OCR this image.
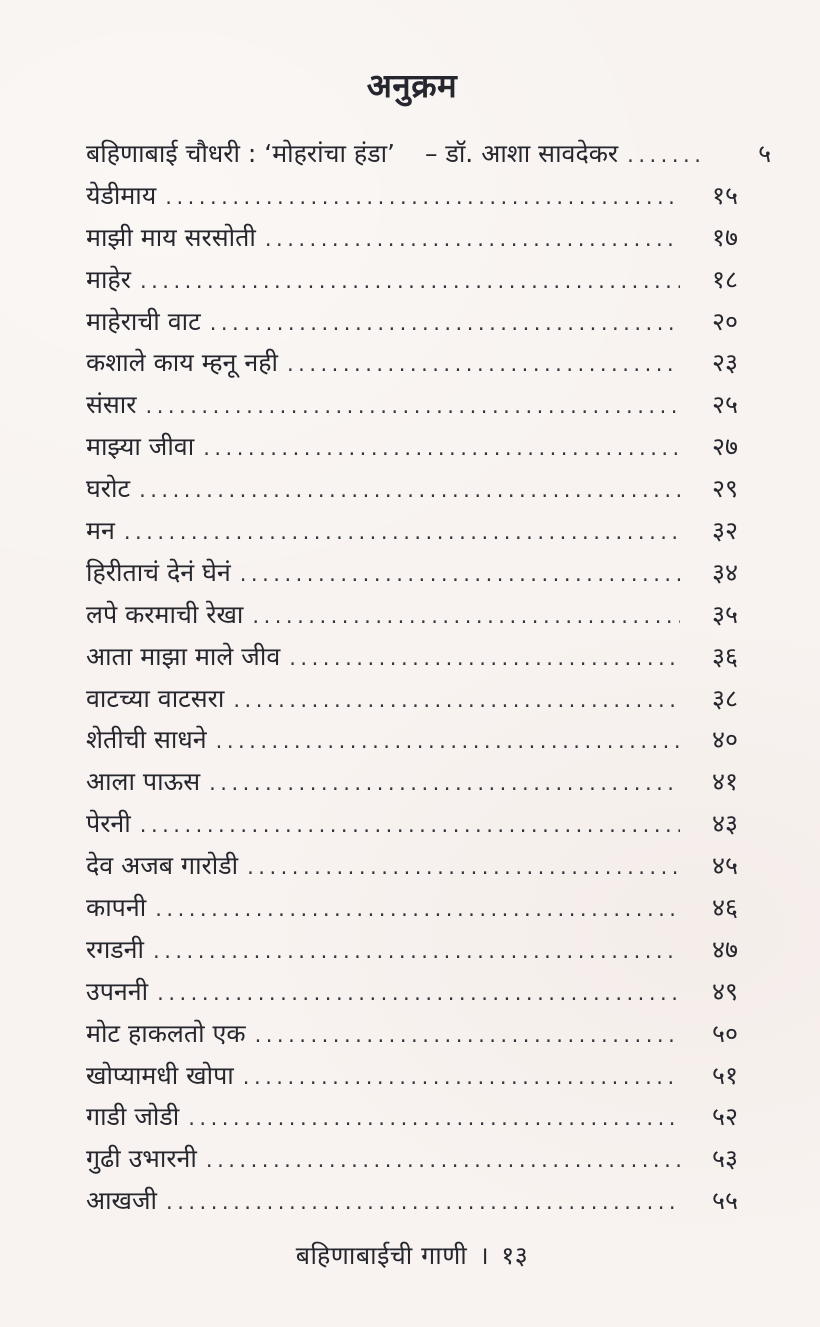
अनुक्रम
बहिणाबाई चौधरी : ‘मोहरांचा हंडा’ – डॉ. आशा सावदेकर .....	५
येडीमाय .....	१५
माझी माय सरसोती .....	१७
माहेर .....	१८
माहेराची वाट .....	२०
कशाले काय म्हनू नही .....	२३
संसार .....	२५
माझ्या जीवा .....	२७
घरोट .....	२९
मन .....	३२
हिरीताचं देनं घेनं .....	३४
लपे करमाची रेखा .....	३५
आता माझा माले जीव .....	३६
वाटच्या वाटसरा .....	३८
शेतीची साधने .....	४०
आला पाऊस .....	४१
पेरनी .....	४३
देव अजब गारोडी .....	४५
कापनी .....	४६
रगडनी .....	४७
उपननी .....	४९
मोट हाकलतो एक .....	५०
खोप्यामधी खोपा .....	५१
गाडी जोडी .....	५२
गुढी उभारनी .....	५३
आखजी .....	५५
बहिणाबाईची गाणी । १३
